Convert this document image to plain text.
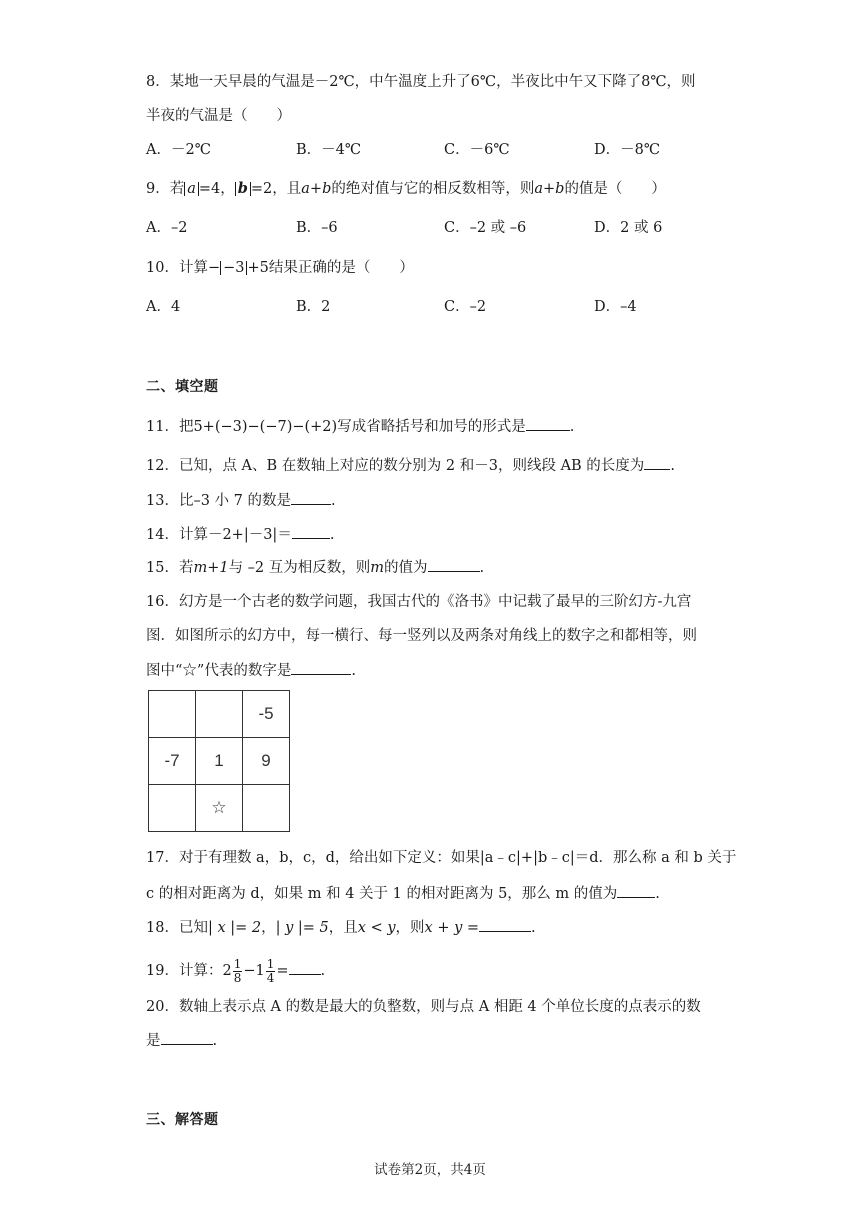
8．某地一天早晨的气温是－2℃，中午温度上升了6℃，半夜比中午又下降了8℃，则
半夜的气温是（　　）
A．－2℃	B．－4℃	C．－6℃	D．－8℃
9．若 a =4， b =2，且a+b的绝对值与它的相反数相等，则a+b的值是（　　）
A．–2	B．–6	C．–2 或 –6	D．2 或 6
10．计算− −3 +5结果正确的是（　　）
A．4	B．2	C．–2	D．–4
二、填空题
11．把5+(−3)−(−7)−(+2)写成省略括号和加号的形式是	.
12．已知，点 A、B 在数轴上对应的数分别为 2 和－3，则线段 AB 的长度为 .
13．比–3 小 7 的数是	.
14．计算－2+|－3|＝	.
15．若m+1与 –2 互为相反数，则m的值为	.
16．幻方是一个古老的数学问题，我国古代的《洛书》中记载了最早的三阶幻方-九宫
图．如图所示的幻方中，每一横行、每一竖列以及两条对角线上的数字之和都相等，则
图中“☆”代表的数字是	.
		-5
-7	1	9
	☆	
17．对于有理数 a，b，c，d，给出如下定义：如果|a﹣c|+|b﹣c|＝d．那么称 a 和 b 关于
c 的相对距离为 d，如果 m 和 4 关于 1 的相对距离为 5，那么 m 的值为	.
18．已知| x |= 2，| y |= 5，且x < y，则x + y =	.
19．计算：$2 \frac{1}{8} -1 \frac{1}{4}$ = .
20．数轴上表示点 A 的数是最大的负整数，则与点 A 相距 4 个单位长度的点表示的数
是	.
三、解答题
试卷第2页，共4页
